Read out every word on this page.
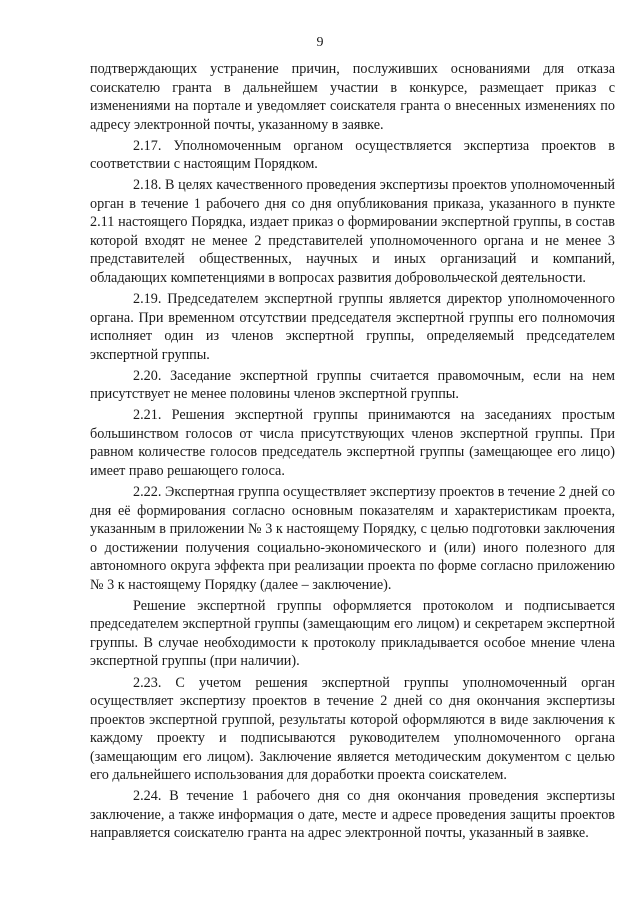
9

подтверждающих устранение причин, послуживших основаниями для отказа соискателю гранта в дальнейшем участии в конкурсе, размещает приказ с изменениями на портале и уведомляет соискателя гранта о внесенных изменениях по адресу электронной почты, указанному в заявке.

2.17. Уполномоченным органом осуществляется экспертиза проектов в соответствии с настоящим Порядком.

2.18. В целях качественного проведения экспертизы проектов уполномоченный орган в течение 1 рабочего дня со дня опубликования приказа, указанного в пункте 2.11 настоящего Порядка, издает приказ о формировании экспертной группы, в состав которой входят не менее 2 представителей уполномоченного органа и не менее 3 представителей общественных, научных и иных организаций и компаний, обладающих компетенциями в вопросах развития добровольческой деятельности.

2.19. Председателем экспертной группы является директор уполномоченного органа. При временном отсутствии председателя экспертной группы его полномочия исполняет один из членов экспертной группы, определяемый председателем экспертной группы.

2.20. Заседание экспертной группы считается правомочным, если на нем присутствует не менее половины членов экспертной группы.

2.21. Решения экспертной группы принимаются на заседаниях простым большинством голосов от числа присутствующих членов экспертной группы. При равном количестве голосов председатель экспертной группы (замещающее его лицо) имеет право решающего голоса.

2.22. Экспертная группа осуществляет экспертизу проектов в течение 2 дней со дня её формирования согласно основным показателям и характеристикам проекта, указанным в приложении № 3 к настоящему Порядку, с целью подготовки заключения о достижении получения социально-экономического и (или) иного полезного для автономного округа эффекта при реализации проекта по форме согласно приложению № 3 к настоящему Порядку (далее – заключение).

Решение экспертной группы оформляется протоколом и подписывается председателем экспертной группы (замещающим его лицом) и секретарем экспертной группы. В случае необходимости к протоколу прикладывается особое мнение члена экспертной группы (при наличии).

2.23. С учетом решения экспертной группы уполномоченный орган осуществляет экспертизу проектов в течение 2 дней со дня окончания экспертизы проектов экспертной группой, результаты которой оформляются в виде заключения к каждому проекту и подписываются руководителем уполномоченного органа (замещающим его лицом). Заключение является методическим документом с целью его дальнейшего использования для доработки проекта соискателем.

2.24. В течение 1 рабочего дня со дня окончания проведения экспертизы заключение, а также информация о дате, месте и адресе проведения защиты проектов направляется соискателю гранта на адрес электронной почты, указанный в заявке.
